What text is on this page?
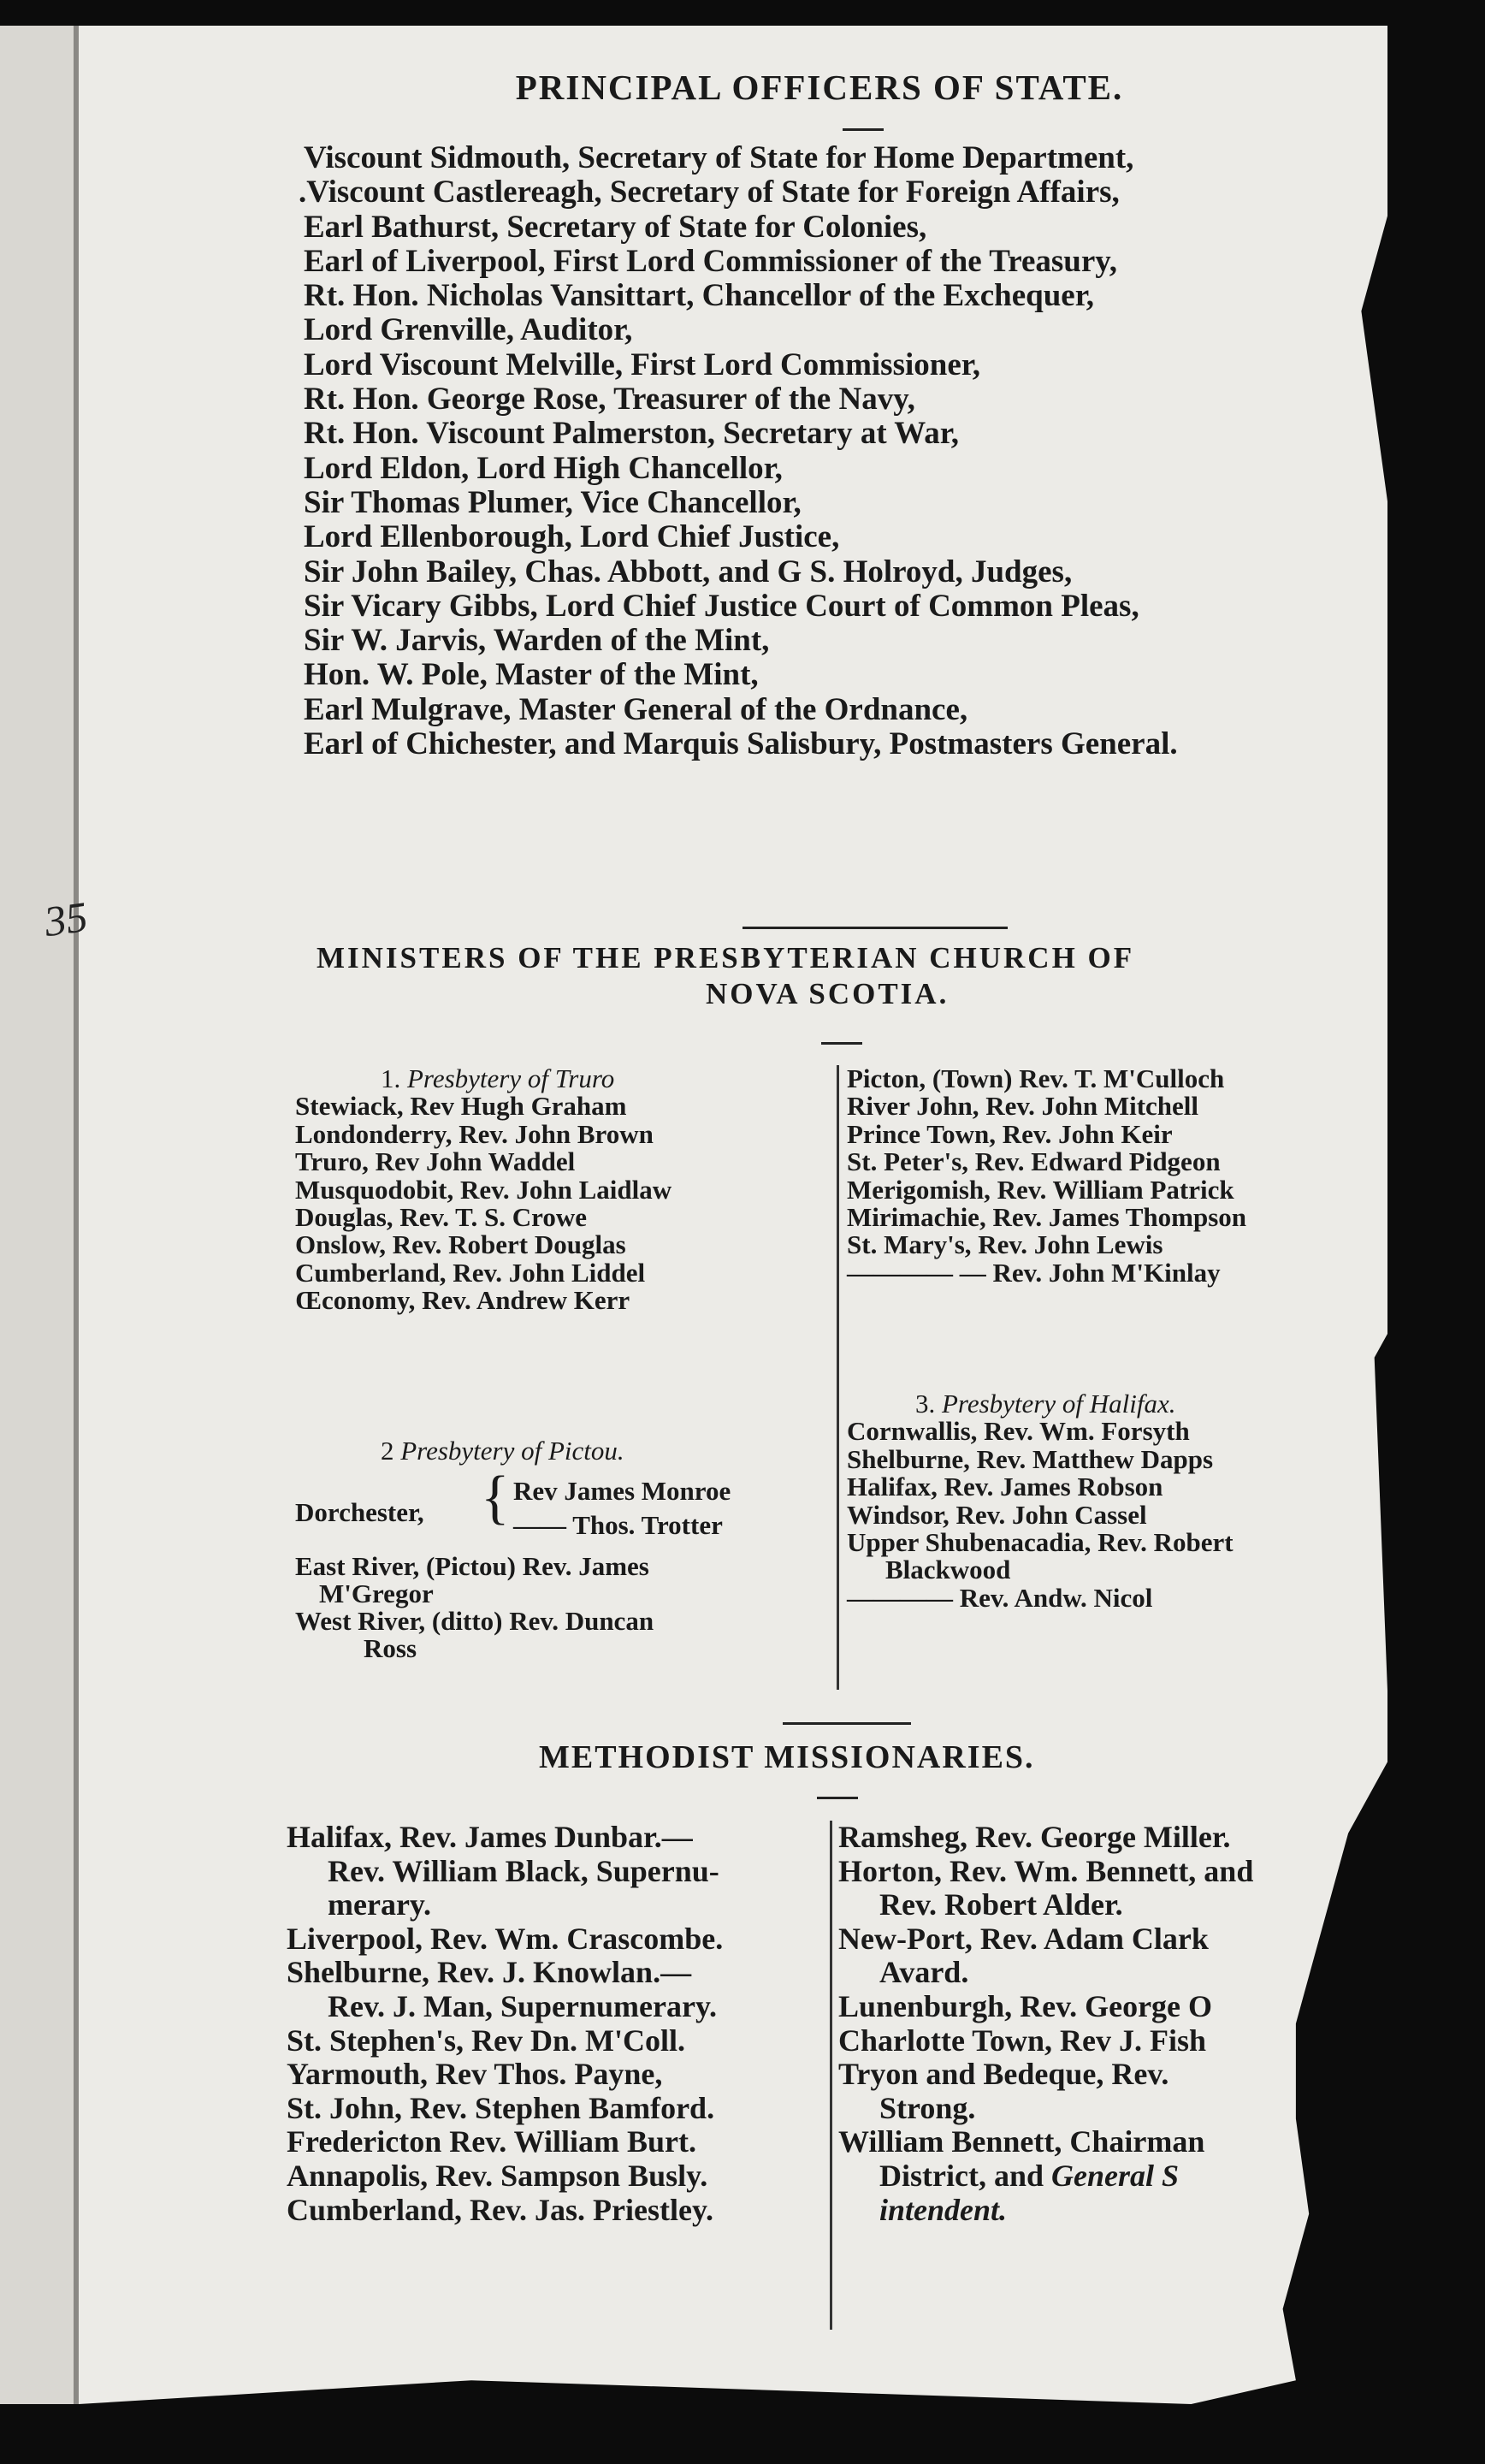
35
PRINCIPAL OFFICERS OF STATE.
Viscount Sidmouth, Secretary of State for Home Department,
.Viscount Castlereagh, Secretary of State for Foreign Affairs,
Earl Bathurst, Secretary of State for Colonies,
Earl of Liverpool, First Lord Commissioner of the Treasury,
Rt. Hon. Nicholas Vansittart, Chancellor of the Exchequer,
Lord Grenville, Auditor,
Lord Viscount Melville, First Lord Commissioner,
Rt. Hon. George Rose, Treasurer of the Navy,
Rt. Hon. Viscount Palmerston, Secretary at War,
Lord Eldon, Lord High Chancellor,
Sir Thomas Plumer, Vice Chancellor,
Lord Ellenborough, Lord Chief Justice,
Sir John Bailey, Chas. Abbott, and G S. Holroyd, Judges,
Sir Vicary Gibbs, Lord Chief Justice Court of Common Pleas,
Sir W. Jarvis, Warden of the Mint,
Hon. W. Pole, Master of the Mint,
Earl Mulgrave, Master General of the Ordnance,
Earl of Chichester, and Marquis Salisbury, Postmasters General.
MINISTERS OF THE PRESBYTERIAN CHURCH OF
NOVA SCOTIA.
1. Presbytery of Truro
Stewiack, Rev Hugh Graham
Londonderry, Rev. John Brown
Truro, Rev John Waddel
Musquodobit, Rev. John Laidlaw
Douglas, Rev. T. S. Crowe
Onslow, Rev. Robert Douglas
Cumberland, Rev. John Liddel
Œconomy, Rev. Andrew Kerr
2 Presbytery of Pictou.
Dorchester, { Rev James Monroe
—— Thos. Trotter
East River, (Pictou) Rev. James
M'Gregor
West River, (ditto) Rev. Duncan
Ross
Picton, (Town) Rev. T. M'Culloch
River John, Rev. John Mitchell
Prince Town, Rev. John Keir
St. Peter's, Rev. Edward Pidgeon
Merigomish, Rev. William Patrick
Mirimachie, Rev. James Thompson
St. Mary's, Rev. John Lewis
———— — Rev. John M'Kinlay
3. Presbytery of Halifax.
Cornwallis, Rev. Wm. Forsyth
Shelburne, Rev. Matthew Dapps
Halifax, Rev. James Robson
Windsor, Rev. John Cassel
Upper Shubenacadia, Rev. Robert
Blackwood
———— Rev. Andw. Nicol
METHODIST MISSIONARIES.
Halifax, Rev. James Dunbar.—
Rev. William Black, Supernu-
merary.
Liverpool, Rev. Wm. Crascombe.
Shelburne, Rev. J. Knowlan.—
Rev. J. Man, Supernumerary.
St. Stephen's, Rev Dn. M'Coll.
Yarmouth, Rev Thos. Payne,
St. John, Rev. Stephen Bamford.
Fredericton Rev. William Burt.
Annapolis, Rev. Sampson Busly.
Cumberland, Rev. Jas. Priestley.
Ramsheg, Rev. George Miller.
Horton, Rev. Wm. Bennett, and
Rev. Robert Alder.
New-Port, Rev. Adam Clark
Avard.
Lunenburgh, Rev. George O
Charlotte Town, Rev J. Fish
Tryon and Bedeque, Rev.
Strong.
William Bennett, Chairman
District, and General S
intendent.
